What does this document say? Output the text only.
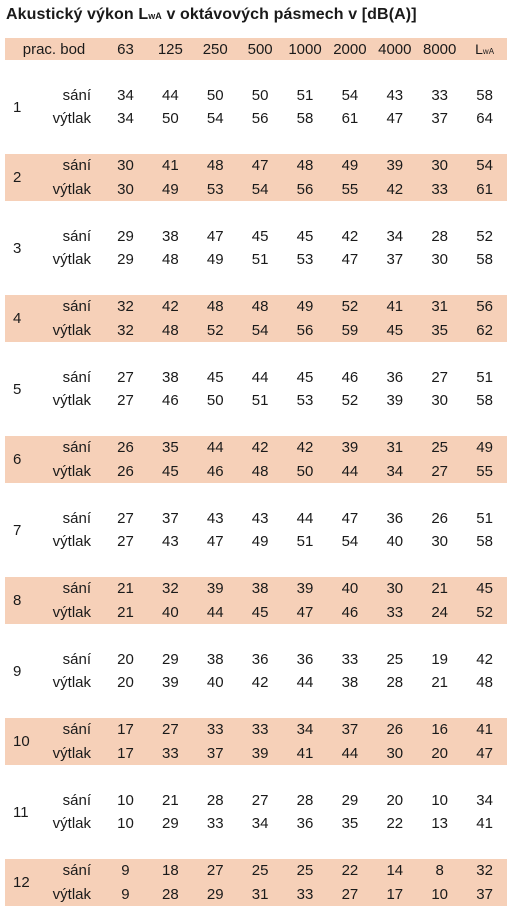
Akustický výkon LwA v oktávových pásmech v [dB(A)]
prac. bod		63	125	250	500	1000	2000	4000	8000	LwA

1	sání	34	44	50	50	51	54	43	33	58
	výtlak	34	50	54	56	58	61	47	37	64

2	sání	30	41	48	47	48	49	39	30	54
	výtlak	30	49	53	54	56	55	42	33	61

3	sání	29	38	47	45	45	42	34	28	52
	výtlak	29	48	49	51	53	47	37	30	58

4	sání	32	42	48	48	49	52	41	31	56
	výtlak	32	48	52	54	56	59	45	35	62

5	sání	27	38	45	44	45	46	36	27	51
	výtlak	27	46	50	51	53	52	39	30	58

6	sání	26	35	44	42	42	39	31	25	49
	výtlak	26	45	46	48	50	44	34	27	55

7	sání	27	37	43	43	44	47	36	26	51
	výtlak	27	43	47	49	51	54	40	30	58

8	sání	21	32	39	38	39	40	30	21	45
	výtlak	21	40	44	45	47	46	33	24	52

9	sání	20	29	38	36	36	33	25	19	42
	výtlak	20	39	40	42	44	38	28	21	48

10	sání	17	27	33	33	34	37	26	16	41
	výtlak	17	33	37	39	41	44	30	20	47

11	sání	10	21	28	27	28	29	20	10	34
	výtlak	10	29	33	34	36	35	22	13	41

12	sání	9	18	27	25	25	22	14	8	32
	výtlak	9	28	29	31	33	27	17	10	37
